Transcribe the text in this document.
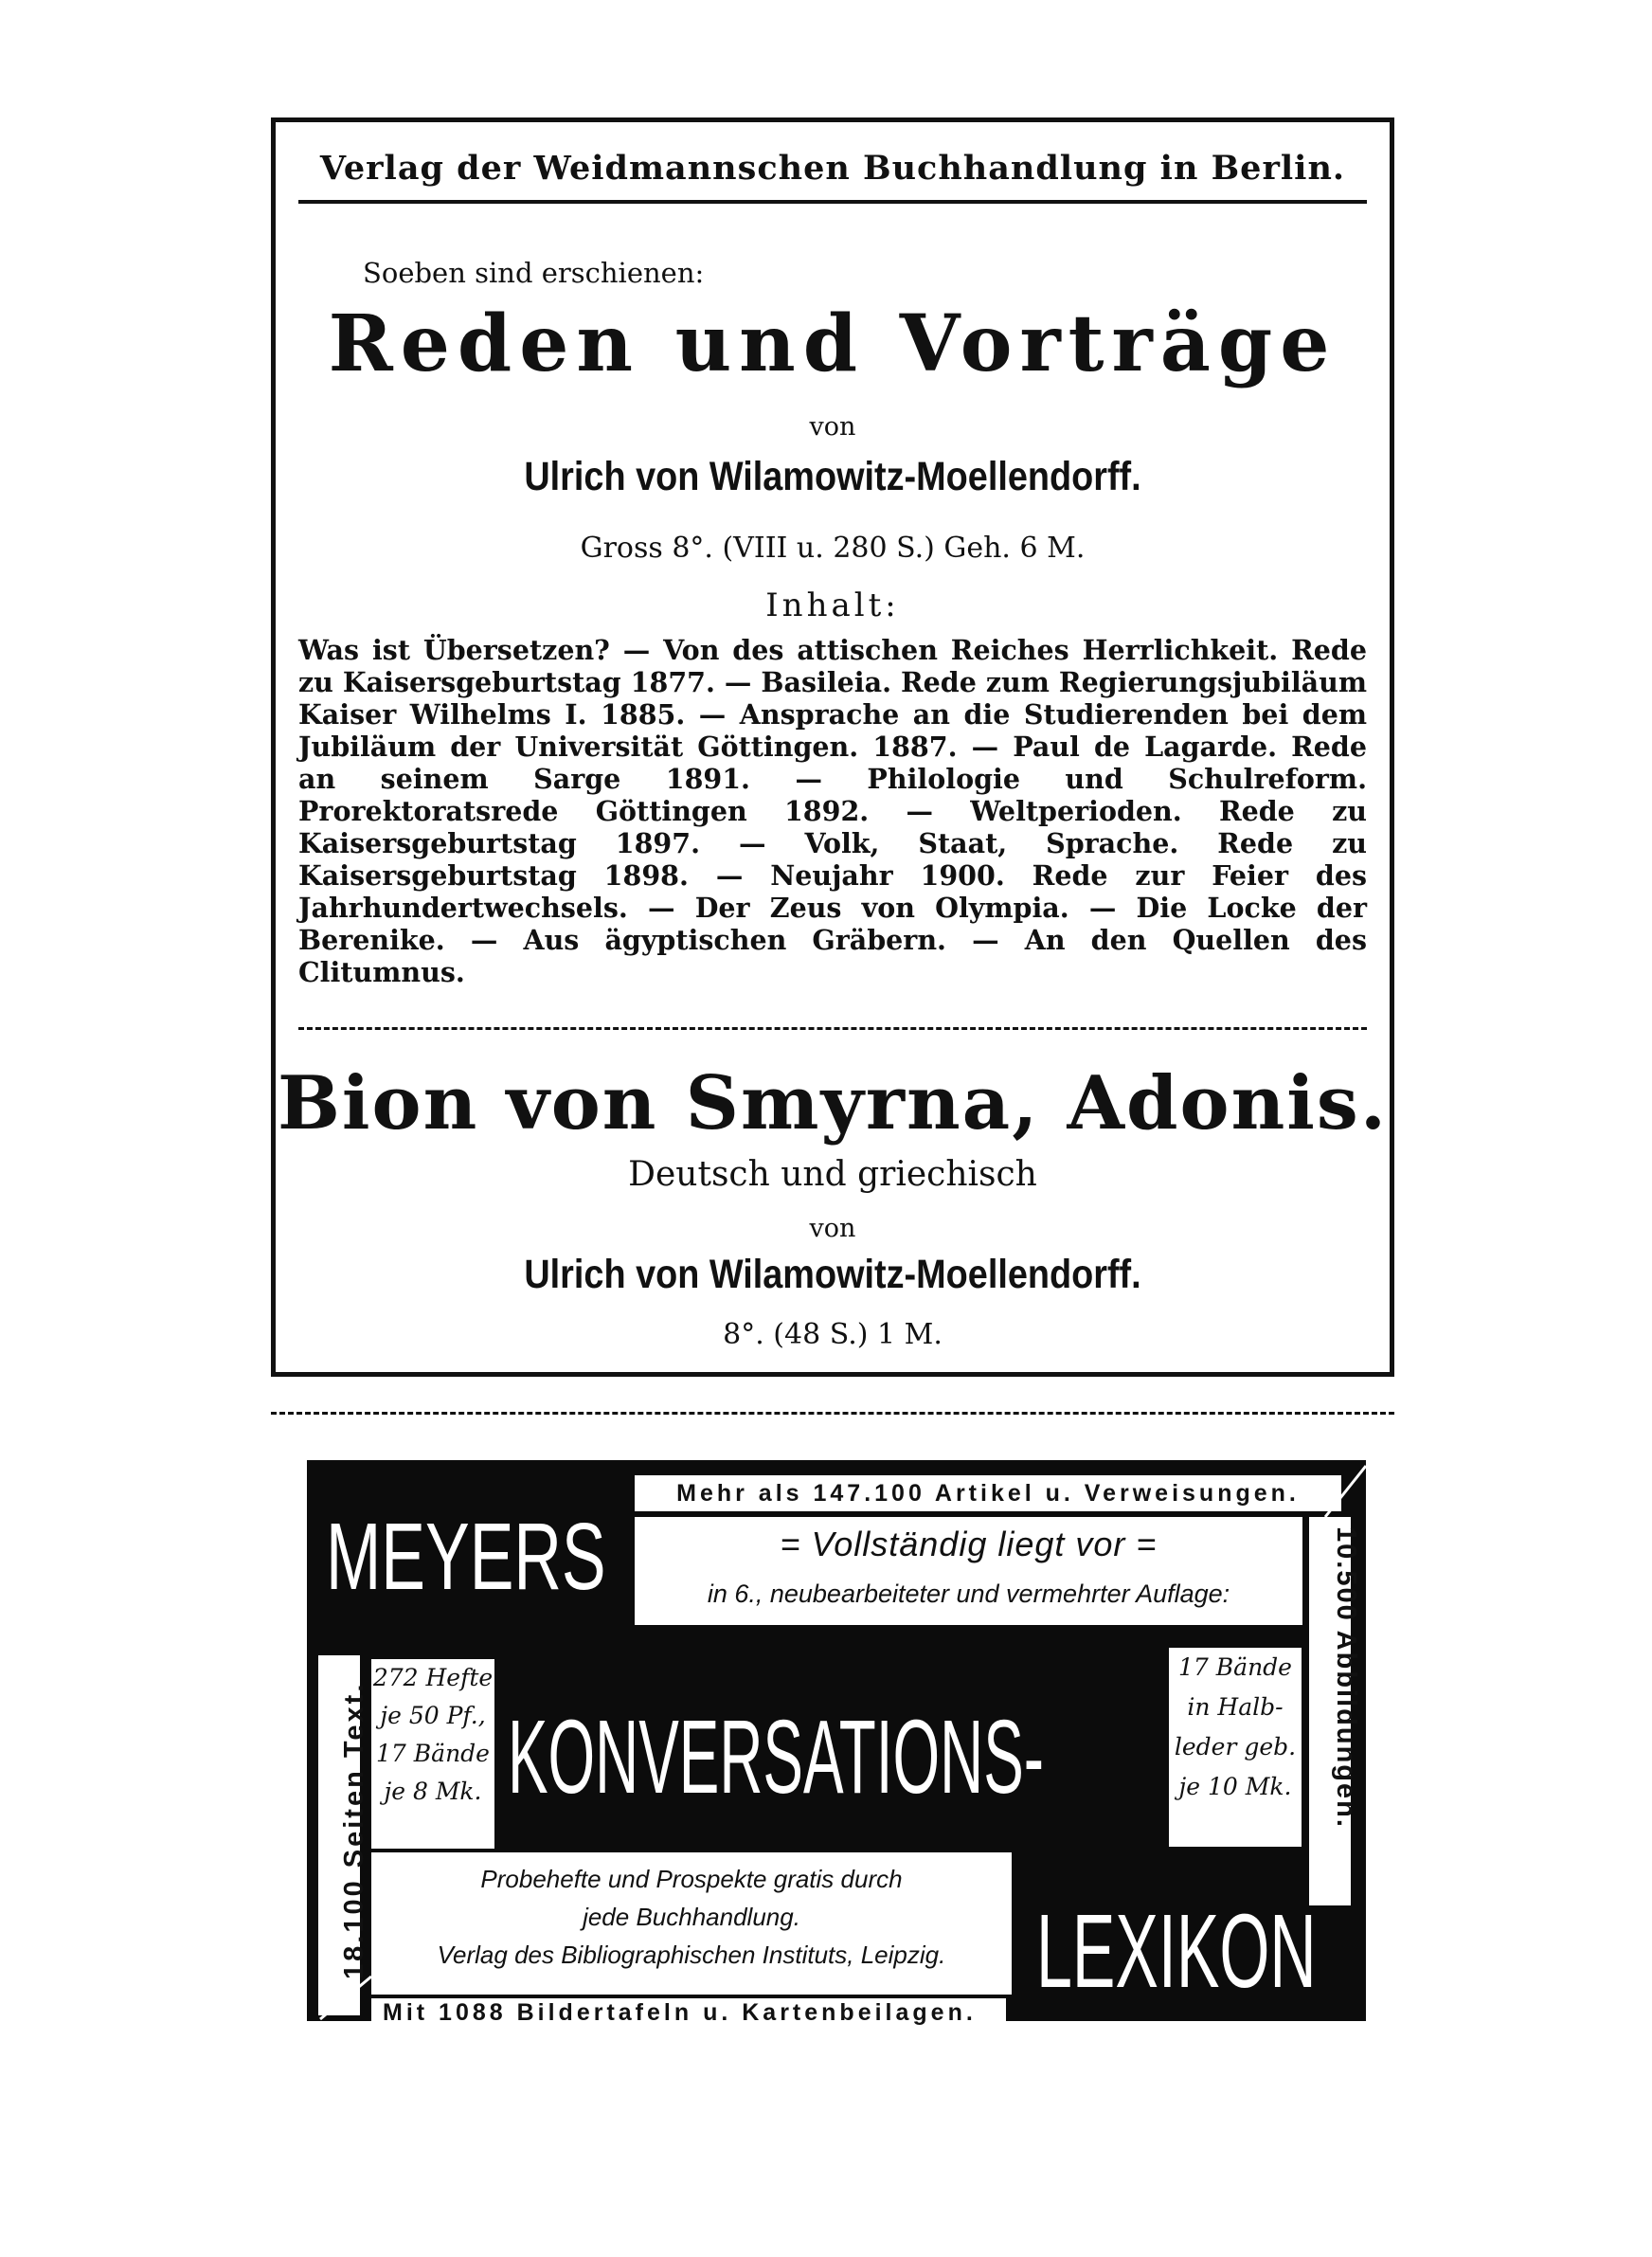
Verlag der Weidmannschen Buchhandlung in Berlin.
Soeben sind erschienen:
Reden und Vorträge
von
Ulrich von Wilamowitz-Moellendorff.
Gross 8°. (VIII u. 280 S.) Geh. 6 M.
Inhalt:
Was ist Übersetzen? — Von des attischen Reiches Herrlichkeit. Rede zu Kaisersgeburtstag 1877. — Basileia. Rede zum Regierungsjubiläum Kaiser Wilhelms I. 1885. — Ansprache an die Studierenden bei dem Jubiläum der Universität Göttingen. 1887. — Paul de Lagarde. Rede an seinem Sarge 1891. — Philologie und Schulreform. Prorektoratsrede Göttingen 1892. — Weltperioden. Rede zu Kaisersgeburtstag 1897. — Volk, Staat, Sprache. Rede zu Kaisersgeburtstag 1898. — Neujahr 1900. Rede zur Feier des Jahrhundertwechsels. — Der Zeus von Olympia. — Die Locke der Berenike. — Aus ägyptischen Gräbern. — An den Quellen des Clitumnus.
Bion von Smyrna, Adonis.
Deutsch und griechisch
von
Ulrich von Wilamowitz-Moellendorff.
8°. (48 S.) 1 M.
MEYERS
Mehr als 147.100 Artikel u. Verweisungen.
= Vollständig liegt vor =
in 6., neubearbeiteter und vermehrter Auflage:	10.500 Abbildungen.
18.100 Seiten Text.
272 Hefte
je 50 Pf.,
17 Bände
je 8 Mk.
17 Bände
in Halb-
leder geb.
je 10 Mk.
KONVERSATIONS-
Probehefte und Prospekte gratis durch
jede Buchhandlung.
Verlag des Bibliographischen Instituts, Leipzig. LEXIKON
Mit 1088 Bildertafeln u. Kartenbeilagen.
